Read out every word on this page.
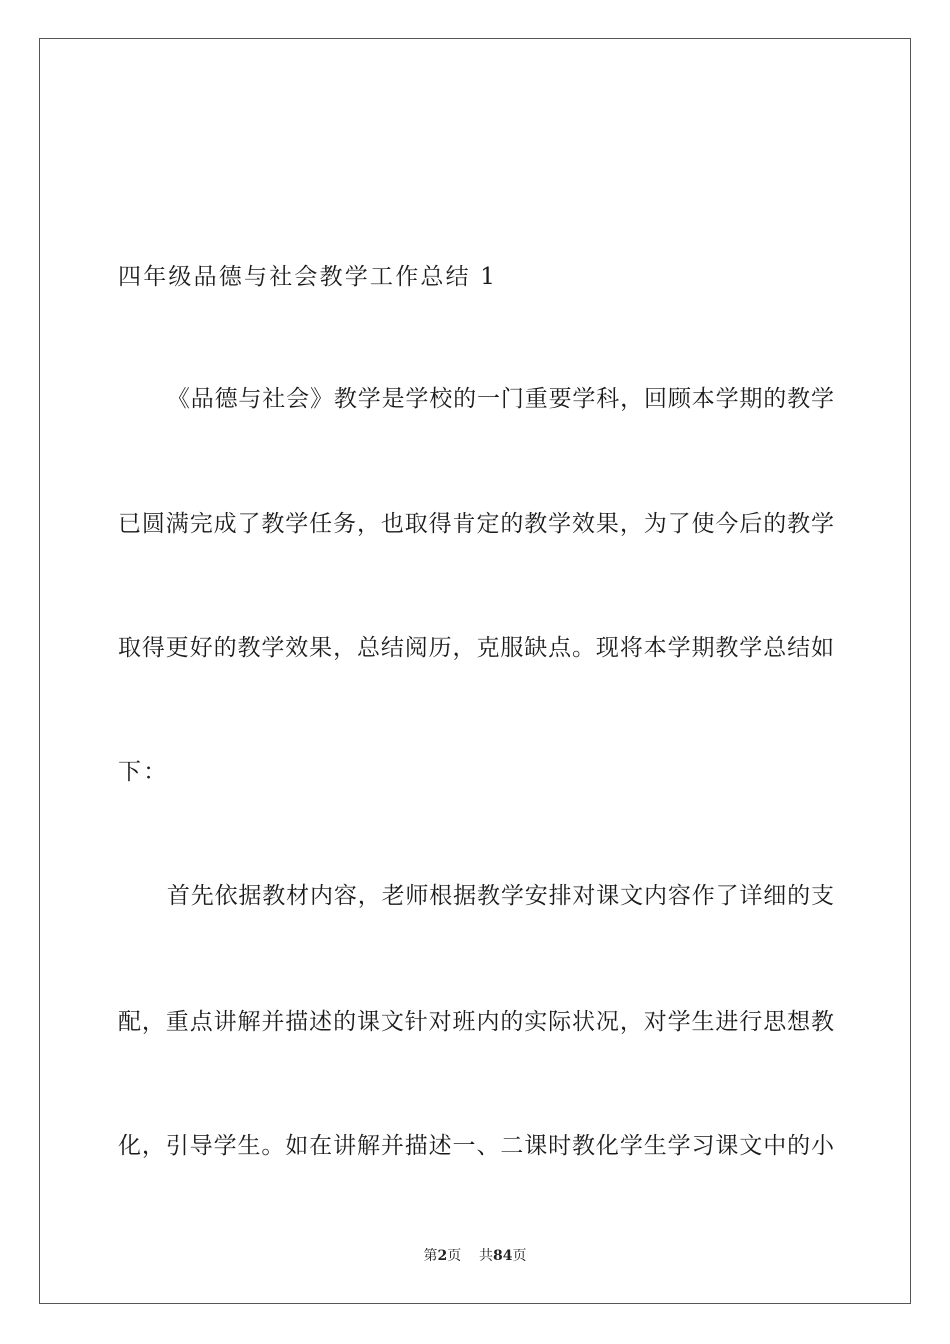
四年级品德与社会教学工作总结 1
《品德与社会》教学是学校的一门重要学科，回顾本学期的教学
已圆满完成了教学任务，也取得肯定的教学效果，为了使今后的教学
取得更好的教学效果，总结阅历，克服缺点。现将本学期教学总结如
下：
首先依据教材内容，老师根据教学安排对课文内容作了详细的支
配，重点讲解并描述的课文针对班内的实际状况，对学生进行思想教
化，引导学生。如在讲解并描述一、二课时教化学生学习课文中的小
第2页 共84页
